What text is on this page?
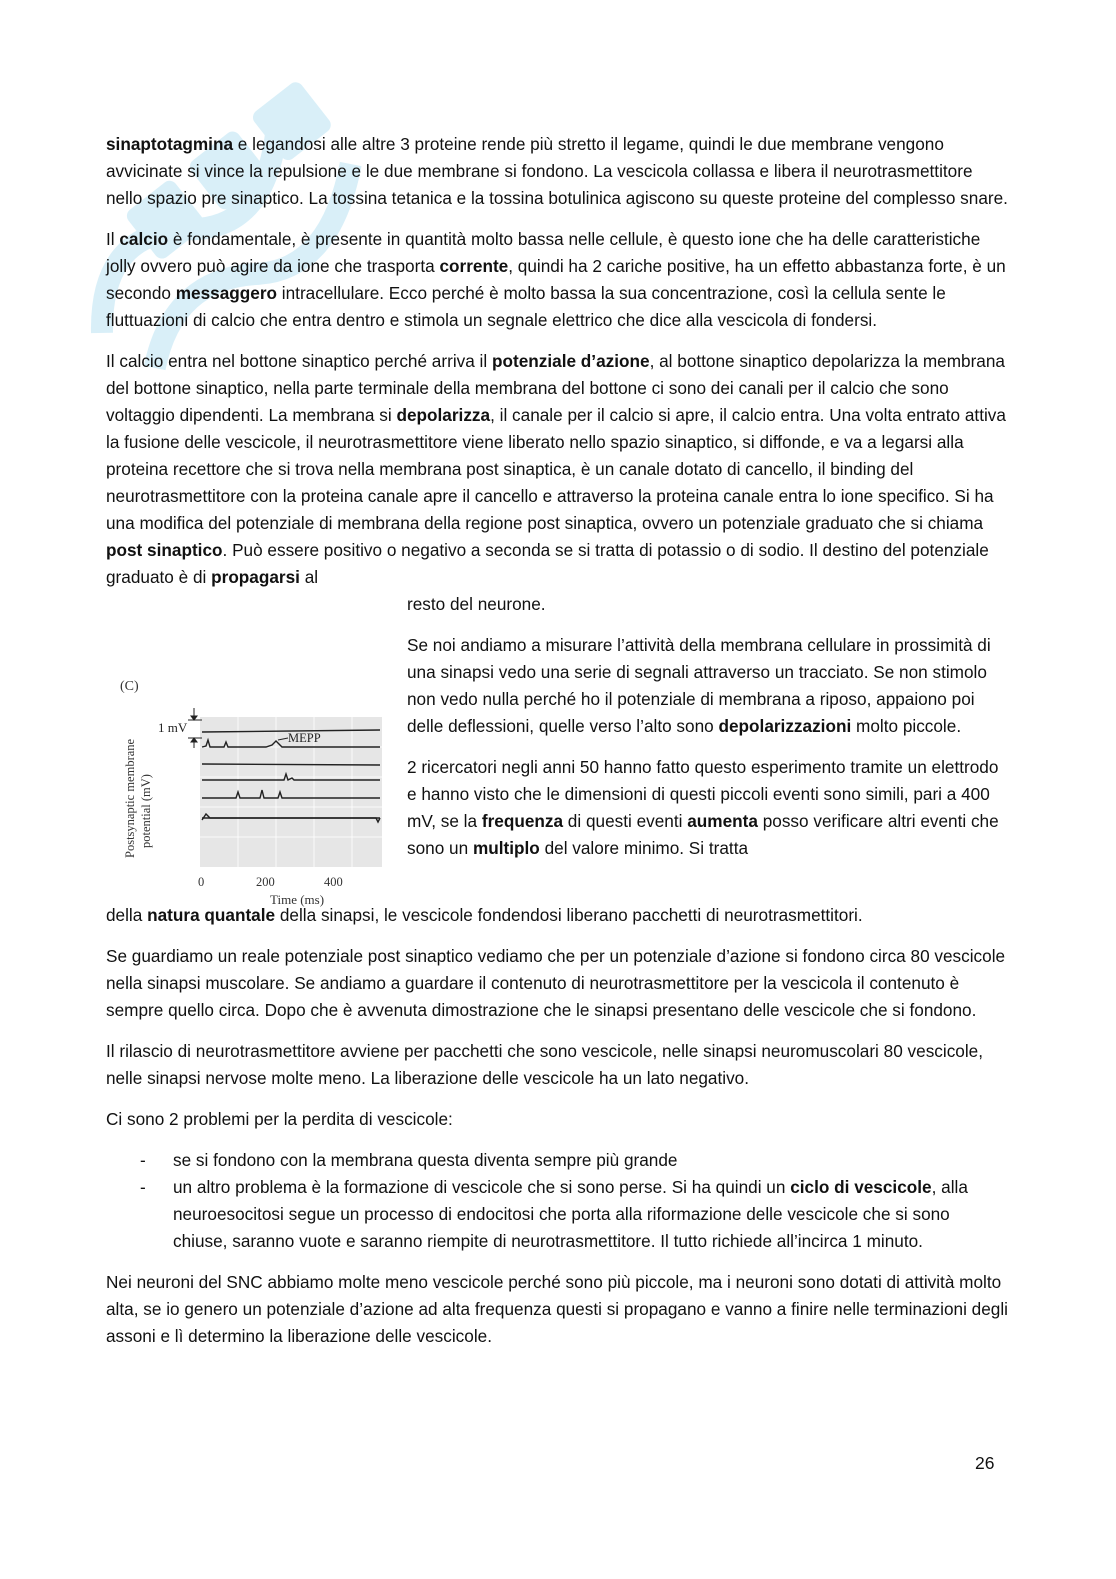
sinaptotagmina e legandosi alle altre 3 proteine rende più stretto il legame, quindi le due membrane vengono avvicinate si vince la repulsione e le due membrane si fondono. La vescicola collassa e libera il neurotrasmettitore nello spazio pre sinaptico. La tossina tetanica e la tossina botulinica agiscono su queste proteine del complesso snare.

Il calcio è fondamentale, è presente in quantità molto bassa nelle cellule, è questo ione che ha delle caratteristiche jolly ovvero può agire da ione che trasporta corrente, quindi ha 2 cariche positive, ha un effetto abbastanza forte, è un secondo messaggero intracellulare. Ecco perché è molto bassa la sua concentrazione, così la cellula sente le fluttuazioni di calcio che entra dentro e stimola un segnale elettrico che dice alla vescicola di fondersi.

Il calcio entra nel bottone sinaptico perché arriva il potenziale d’azione, al bottone sinaptico depolarizza la membrana del bottone sinaptico, nella parte terminale della membrana del bottone ci sono dei canali per il calcio che sono voltaggio dipendenti. La membrana si depolarizza, il canale per il calcio si apre, il calcio entra. Una volta entrato attiva la fusione delle vescicole, il neurotrasmettitore viene liberato nello spazio sinaptico, si diffonde, e va a legarsi alla proteina recettore che si trova nella membrana post sinaptica, è un canale dotato di cancello, il binding del neurotrasmettitore con la proteina canale apre il cancello e attraverso la proteina canale entra lo ione specifico. Si ha una modifica del potenziale di membrana della regione post sinaptica, ovvero un potenziale graduato che si chiama post sinaptico. Può essere positivo o negativo a seconda se si tratta di potassio o di sodio. Il destino del potenziale graduato è di propagarsi al

resto del neurone.
(C)
1 mV
MEPP
Postsynaptic membrane potential (mV)
0	200	400
Time (ms)

Se noi andiamo a misurare l’attività della membrana cellulare in prossimità di una sinapsi vedo una serie di segnali attraverso un tracciato. Se non stimolo non vedo nulla perché ho il potenziale di membrana a riposo, appaiono poi delle deflessioni, quelle verso l’alto sono depolarizzazioni molto piccole.

2 ricercatori negli anni 50 hanno fatto questo esperimento tramite un elettrodo e hanno visto che le dimensioni di questi piccoli eventi sono simili, pari a 400 mV, se la frequenza di questi eventi aumenta posso verificare altri eventi che sono un multiplo del valore minimo. Si tratta

della natura quantale della sinapsi, le vescicole fondendosi liberano pacchetti di neurotrasmettitori.

Se guardiamo un reale potenziale post sinaptico vediamo che per un potenziale d’azione si fondono circa 80 vescicole nella sinapsi muscolare. Se andiamo a guardare il contenuto di neurotrasmettitore per la vescicola il contenuto è sempre quello circa. Dopo che è avvenuta dimostrazione che le sinapsi presentano delle vescicole che si fondono.

Il rilascio di neurotrasmettitore avviene per pacchetti che sono vescicole, nelle sinapsi neuromuscolari 80 vescicole, nelle sinapsi nervose molte meno. La liberazione delle vescicole ha un lato negativo.

Ci sono 2 problemi per la perdita di vescicole:

- se si fondono con la membrana questa diventa sempre più grande
- un altro problema è la formazione di vescicole che si sono perse. Si ha quindi un ciclo di vescicole, alla neuroesocitosi segue un processo di endocitosi che porta alla riformazione delle vescicole che si sono chiuse, saranno vuote e saranno riempite di neurotrasmettitore. Il tutto richiede all’incirca 1 minuto.

Nei neuroni del SNC abbiamo molte meno vescicole perché sono più piccole, ma i neuroni sono dotati di attività molto alta, se io genero un potenziale d’azione ad alta frequenza questi si propagano e vanno a finire nelle terminazioni degli assoni e lì determino la liberazione delle vescicole.

26
